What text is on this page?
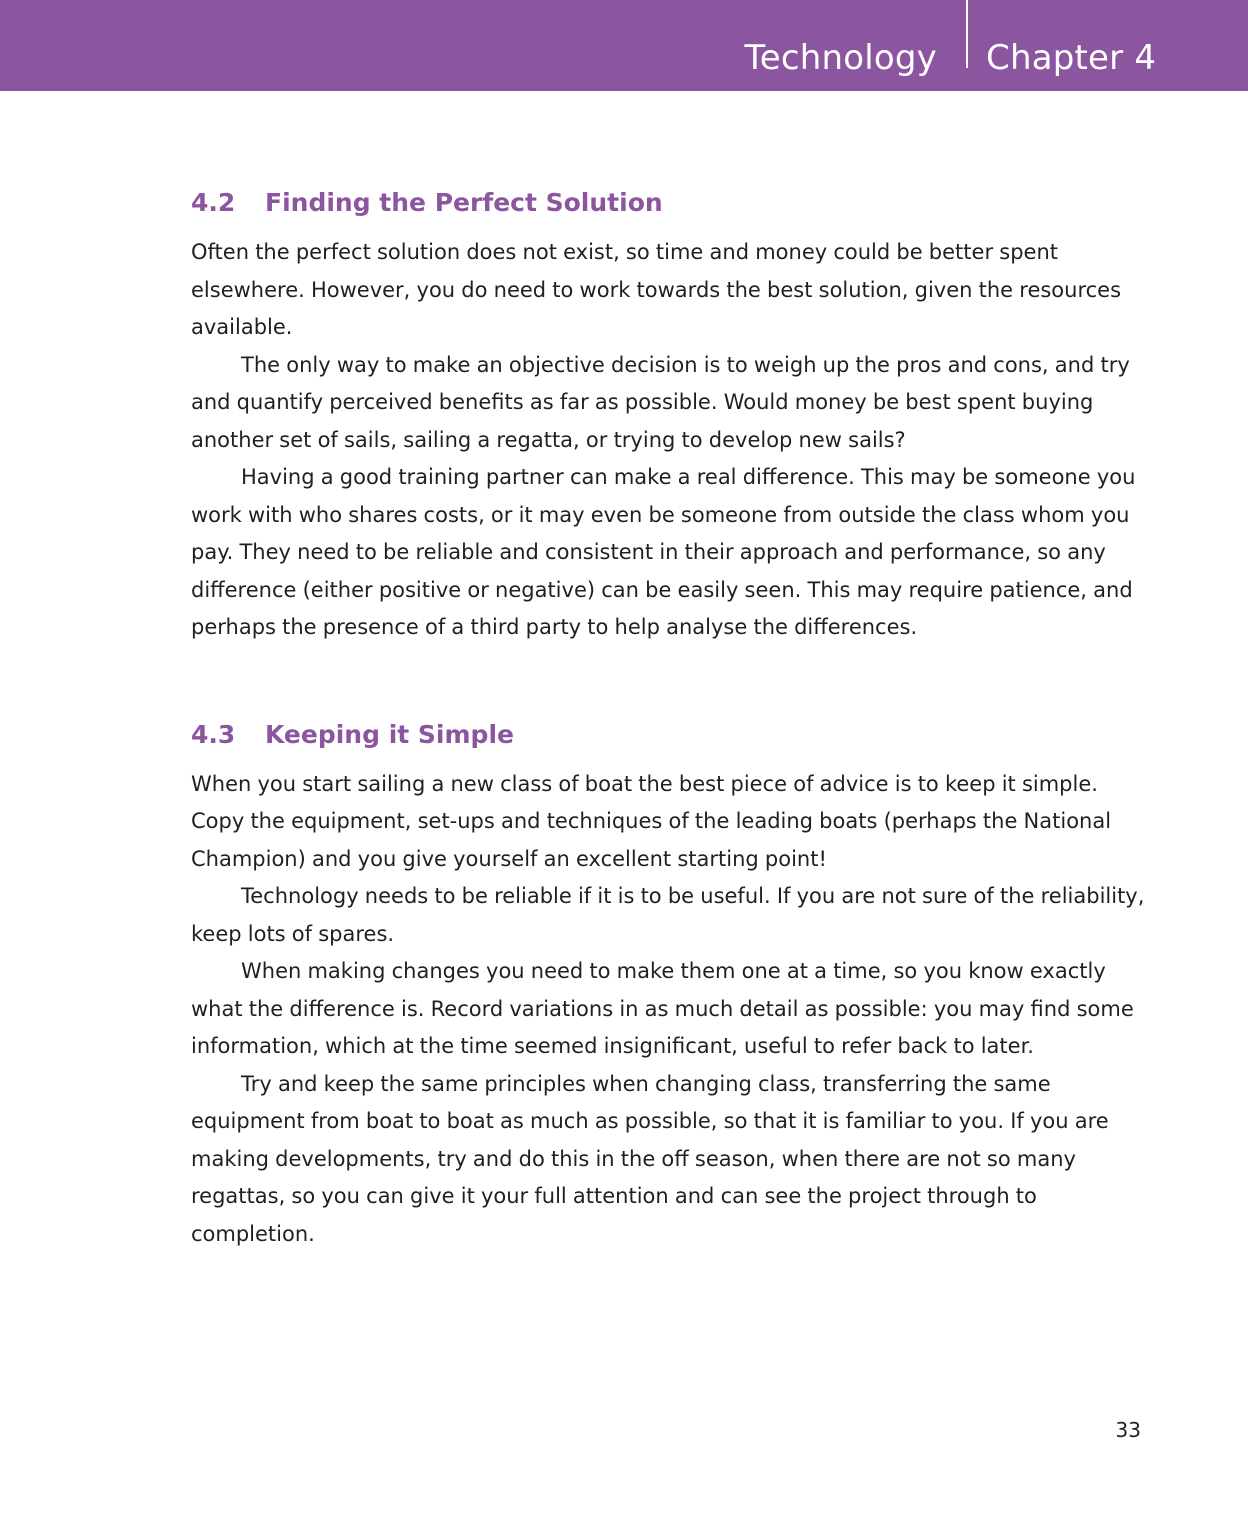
Technology Chapter 4
4.2 Finding the Perfect Solution

Often the perfect solution does not exist, so time and money could be better spent elsewhere. However, you do need to work towards the best solution, given the resources available.

The only way to make an objective decision is to weigh up the pros and cons, and try and quantify perceived benefits as far as possible. Would money be best spent buying another set of sails, sailing a regatta, or trying to develop new sails?

Having a good training partner can make a real difference. This may be someone you work with who shares costs, or it may even be someone from outside the class whom you pay. They need to be reliable and consistent in their approach and performance, so any difference (either positive or negative) can be easily seen. This may require patience, and perhaps the presence of a third party to help analyse the differences.

4.3 Keeping it Simple

When you start sailing a new class of boat the best piece of advice is to keep it simple. Copy the equipment, set-ups and techniques of the leading boats (perhaps the National Champion) and you give yourself an excellent starting point!

Technology needs to be reliable if it is to be useful. If you are not sure of the reliability, keep lots of spares.

When making changes you need to make them one at a time, so you know exactly what the difference is. Record variations in as much detail as possible: you may find some information, which at the time seemed insignificant, useful to refer back to later.

Try and keep the same principles when changing class, transferring the same equipment from boat to boat as much as possible, so that it is familiar to you. If you are making developments, try and do this in the off season, when there are not so many regattas, so you can give it your full attention and can see the project through to completion.

33
